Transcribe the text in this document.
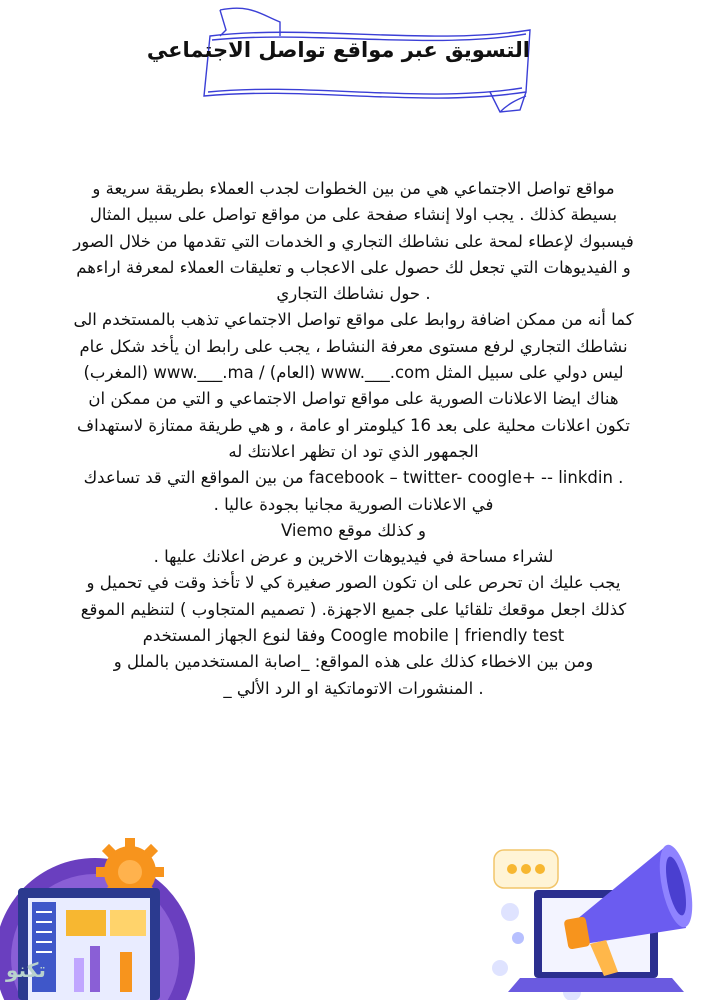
التسويق عبر مواقع تواصل الاجتماعي
مواقع تواصل الاجتماعي هي من بين الخطوات لجدب العملاء بطريقة سريعة و
بسيطة كذلك . يجب اولا إنشاء صفحة على من مواقع تواصل على سبيل المثال
فيسبوك لإعطاء لمحة على نشاطك التجاري و الخدمات التي تقدمها من خلال الصور
و الفيديوهات التي تجعل لك حصول على الاعجاب و تعليقات العملاء لمعرفة اراءهم
. حول نشاطك التجاري
كما أنه من ممكن اضافة روابط على مواقع تواصل الاجتماعي تذهب بالمستخدم الى
نشاطك التجاري لرفع مستوى معرفة النشاط ، يجب على رابط ان يأخد شكل عام
ليس دولي على سبيل المثل www.___.com (العام) / www.___.ma (المغرب)
هناك ايضا الاعلانات الصورية على مواقع تواصل الاجتماعي و التي من ممكن ان
تكون اعلانات محلية على بعد 16 كيلومتر او عامة ، و هي طريقة ممتازة لاستهداف
الجمهور الذي تود ان تظهر اعلانتك له
. facebook – twitter- coogle+ -- linkdin من بين المواقع التي قد تساعدك
في الاعلانات الصورية مجانيا بجودة عاليا .
و كذلك موقع Viemo
لشراء مساحة في فيديوهات الاخرين و عرض اعلانك عليها .
يجب عليك ان تحرص على ان تكون الصور صغيرة كي لا تأخذ وقت في تحميل و
كذلك اجعل موقعك تلقائيا على جميع الاجهزة. ( تصميم المتجاوب ) لتنظيم الموقع
Coogle mobile | friendly test وفقا لنوع الجهاز المستخدم
ومن بين الاخطاء كذلك على هذه المواقع: _اصابة المستخدمين بالملل و
. المنشورات الاتوماتكية او الرد الألي _
تكنو
